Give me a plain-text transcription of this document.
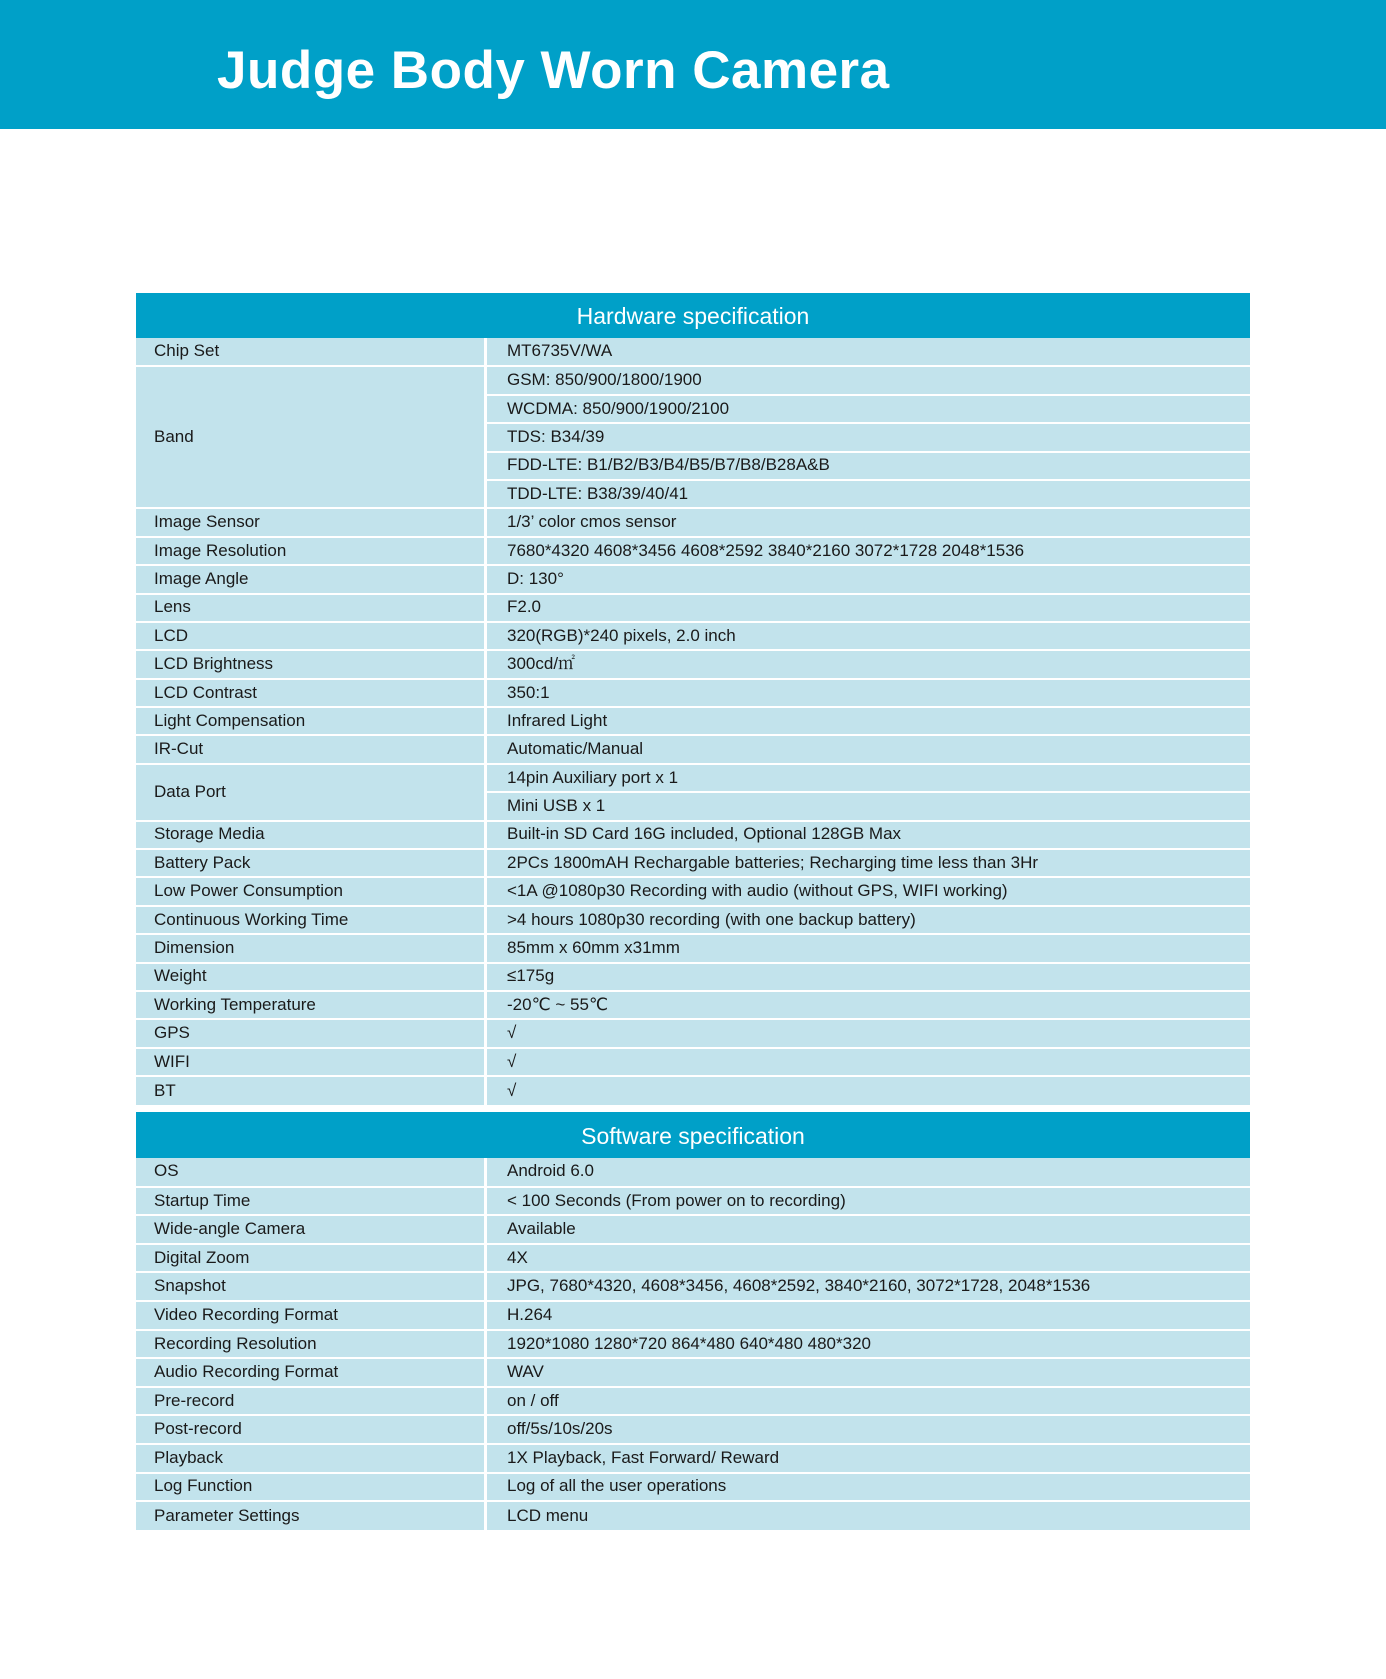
Judge Body Worn Camera
Hardware specification
Chip Set	MT6735V/WA
Band	GSM: 850/900/1800/1900
	WCDMA: 850/900/1900/2100
	TDS: B34/39
	FDD-LTE: B1/B2/B3/B4/B5/B7/B8/B28A&B
	TDD-LTE: B38/39/40/41
Image Sensor	1/3’ color cmos sensor
Image Resolution	7680*4320 4608*3456 4608*2592 3840*2160 3072*1728 2048*1536
Image Angle	D: 130°
Lens	F2.0
LCD	320(RGB)*240 pixels, 2.0 inch
LCD Brightness	300cd/㎡
LCD Contrast	350:1
Light Compensation	Infrared Light
IR-Cut	Automatic/Manual
Data Port	14pin Auxiliary port x 1
	Mini USB x 1
Storage Media	Built-in SD Card 16G included, Optional 128GB Max
Battery Pack	2PCs 1800mAH Rechargable batteries; Recharging time less than 3Hr
Low Power Consumption	<1A @1080p30 Recording with audio (without GPS, WIFI working)
Continuous Working Time	>4 hours 1080p30 recording (with one backup battery)
Dimension	85mm x 60mm x31mm
Weight	≤175g
Working Temperature	-20℃ ~ 55℃
GPS	√
WIFI	√
BT	√
Software specification
OS	Android 6.0
Startup Time	< 100 Seconds (From power on to recording)
Wide-angle Camera	Available
Digital Zoom	4X
Snapshot	JPG, 7680*4320, 4608*3456, 4608*2592, 3840*2160, 3072*1728, 2048*1536
Video Recording Format	H.264
Recording Resolution	1920*1080 1280*720 864*480 640*480 480*320
Audio Recording Format	WAV
Pre-record	on / off
Post-record	off/5s/10s/20s
Playback	1X Playback, Fast Forward/ Reward
Log Function	Log of all the user operations
Parameter Settings	LCD menu
